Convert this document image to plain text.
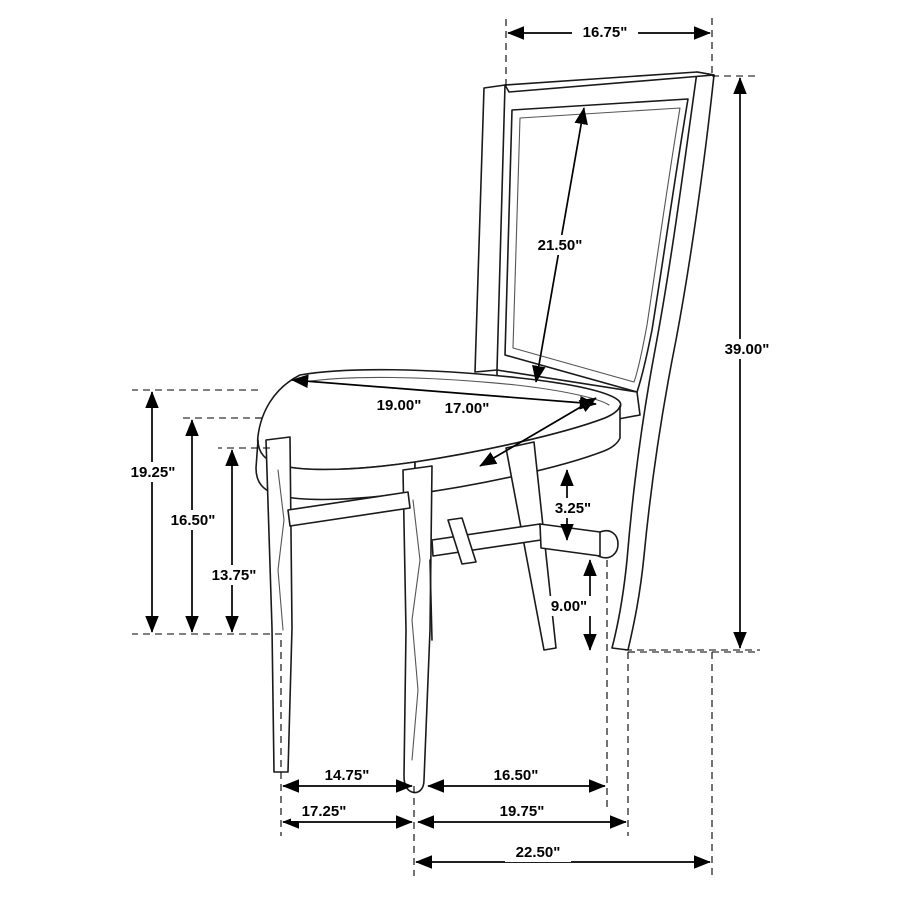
16.75"
39.00"
21.50"
19.00" 17.00"
19.25"
16.50"
13.75"
3.25"
9.00"
14.75"	16.50"
17.25"	19.75"
22.50"
